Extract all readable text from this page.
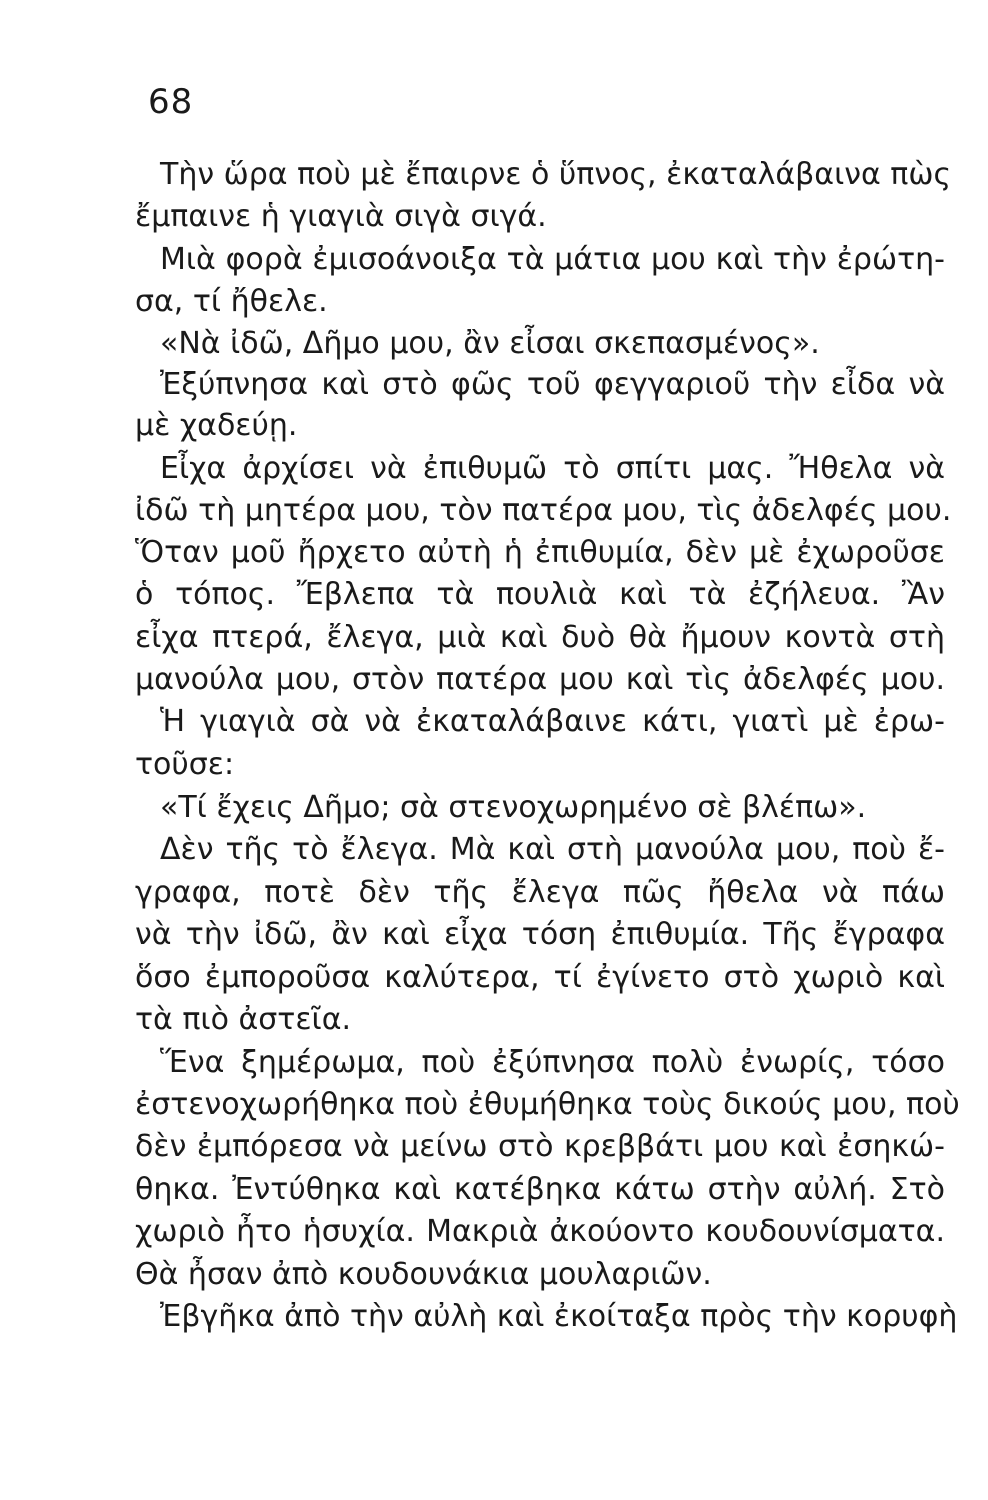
68
Τὴν ὥρα ποὺ μὲ ἔπαιρνε ὁ ὕπνος, ἐκαταλάβαινα πὼς
ἔμπαινε ἡ γιαγιὰ σιγὰ σιγά.
Μιὰ φορὰ ἐμισοάνοιξα τὰ μάτια μου καὶ τὴν ἐρώτη-
σα, τί ἤθελε.
«Νὰ ἰδῶ, Δῆμο μου, ἂν εἶσαι σκεπασμένος».
Ἐξύπνησα καὶ στὸ φῶς τοῦ φεγγαριοῦ τὴν εἶδα νὰ
μὲ χαδεύῃ.
Εἶχα ἀρχίσει νὰ ἐπιθυμῶ τὸ σπίτι μας. Ἤθελα νὰ
ἰδῶ τὴ μητέρα μου, τὸν πατέρα μου, τὶς ἀδελφές μου.
Ὅταν μοῦ ἤρχετο αὐτὴ ἡ ἐπιθυμία, δὲν μὲ ἐχωροῦσε
ὁ τόπος. Ἔβλεπα τὰ πουλιὰ καὶ τὰ ἐζήλευα. Ἂν
εἶχα πτερά, ἔλεγα, μιὰ καὶ δυὸ θὰ ἤμουν κοντὰ στὴ
μανούλα μου, στὸν πατέρα μου καὶ τὶς ἀδελφές μου.
Ἡ γιαγιὰ σὰ νὰ ἐκαταλάβαινε κάτι, γιατὶ μὲ ἐρω-
τοῦσε:
«Τί ἔχεις Δῆμο; σὰ στενοχωρημένο σὲ βλέπω».
Δὲν τῆς τὸ ἔλεγα. Μὰ καὶ στὴ μανούλα μου, ποὺ ἔ-
γραφα, ποτὲ δὲν τῆς ἔλεγα πῶς ἤθελα νὰ πάω
νὰ τὴν ἰδῶ, ἂν καὶ εἶχα τόση ἐπιθυμία. Τῆς ἔγραφα
ὅσο ἐμποροῦσα καλύτερα, τί ἐγίνετο στὸ χωριὸ καὶ
τὰ πιὸ ἀστεῖα.
Ἕνα ξημέρωμα, ποὺ ἐξύπνησα πολὺ ἐνωρίς, τόσο
ἐστενοχωρήθηκα ποὺ ἐθυμήθηκα τοὺς δικούς μου, ποὺ
δὲν ἐμπόρεσα νὰ μείνω στὸ κρεββάτι μου καὶ ἐσηκώ-
θηκα. Ἐντύθηκα καὶ κατέβηκα κάτω στὴν αὐλή. Στὸ
χωριὸ ἦτο ἡσυχία. Μακριὰ ἀκούοντο κουδουνίσματα.
Θὰ ἦσαν ἀπὸ κουδουνάκια μουλαριῶν.
Ἐβγῆκα ἀπὸ τὴν αὐλὴ καὶ ἐκοίταξα πρὸς τὴν κορυφὴ
